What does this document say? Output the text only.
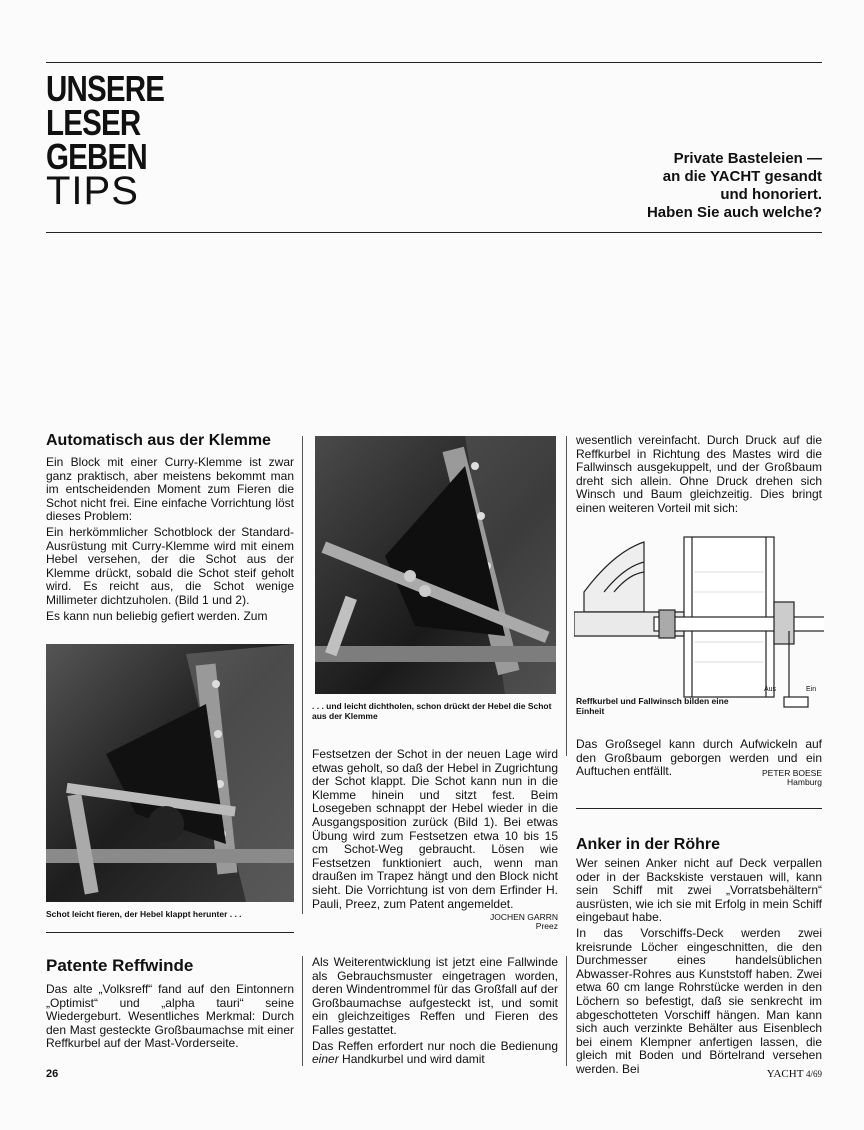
UNSERE
LESER
GEBEN
TIPS
Private Basteleien —
an die YACHT gesandt
und honoriert.
Haben Sie auch welche?
Automatisch aus der Klemme

Ein Block mit einer Curry-Klemme ist zwar ganz praktisch, aber meistens bekommt man im entscheidenden Moment zum Fieren die Schot nicht frei. Eine einfache Vorrichtung löst dieses Problem:

Ein herkömmlicher Schotblock der Standard-Ausrüstung mit Curry-Klemme wird mit einem Hebel versehen, der die Schot aus der Klemme drückt, sobald die Schot steif geholt wird. Es reicht aus, die Schot wenige Millimeter dichtzuholen. (Bild 1 und 2).

Es kann nun beliebig gefiert werden. Zum

Schot leicht fieren, der Hebel klappt herunter . . .
. . . und leicht dichtholen, schon drückt der Hebel die Schot aus der Klemme

Festsetzen der Schot in der neuen Lage wird etwas geholt, so daß der Hebel in Zugrichtung der Schot klappt. Die Schot kann nun in die Klemme hinein und sitzt fest. Beim Losegeben schnappt der Hebel wieder in die Ausgangsposition zurück (Bild 1). Bei etwas Übung wird zum Festsetzen etwa 10 bis 15 cm Schot-Weg gebraucht. Lösen wie Festsetzen funktioniert auch, wenn man draußen im Trapez hängt und den Block nicht sieht. Die Vorrichtung ist von dem Erfinder H. Pauli, Preez, zum Patent angemeldet.

JOCHEN GARRN
Preez

wesentlich vereinfacht. Durch Druck auf die Reffkurbel in Richtung des Mastes wird die Fallwinsch ausgekuppelt, und der Großbaum dreht sich allein. Ohne Druck drehen sich Winsch und Baum gleichzeitig. Dies bringt einen weiteren Vorteil mit sich:

Aus	Ein
Reffkurbel und Fallwinsch bilden eine Einheit

Das Großsegel kann durch Aufwickeln auf den Großbaum geborgen werden und ein Auftuchen entfällt.	PETER BOESE
Hamburg
Anker in der Röhre

Wer seinen Anker nicht auf Deck verpallen oder in der Backskiste verstauen will, kann sein Schiff mit zwei „Vorratsbehältern“ ausrüsten, wie ich sie mit Erfolg in mein Schiff eingebaut habe.

In das Vorschiffs-Deck werden zwei kreisrunde Löcher eingeschnitten, die den Durchmesser eines handelsüblichen Abwasser-Rohres aus Kunststoff haben. Zwei etwa 60 cm lange Rohrstücke werden in den Löchern so befestigt, daß sie senkrecht im abgeschotteten Vorschiff hängen. Man kann sich auch verzinkte Behälter aus Eisenblech bei einem Klempner anfertigen lassen, die gleich mit Boden und Börtelrand versehen werden. Bei

Patente Reffwinde

Das alte „Volksreff“ fand auf den Eintonnern „Optimist“ und „alpha tauri“ seine Wiedergeburt. Wesentliches Merkmal: Durch den Mast gesteckte Großbaumachse mit einer Reffkurbel auf der Mast-Vorderseite.

Als Weiterentwicklung ist jetzt eine Fallwinde als Gebrauchsmuster eingetragen worden, deren Windentrommel für das Großfall auf der Großbaumachse aufgesteckt ist, und somit ein gleichzeitiges Reffen und Fieren des Falles gestattet.

Das Reffen erfordert nur noch die Bedienung einer Handkurbel und wird damit

26	YACHT 4/69
